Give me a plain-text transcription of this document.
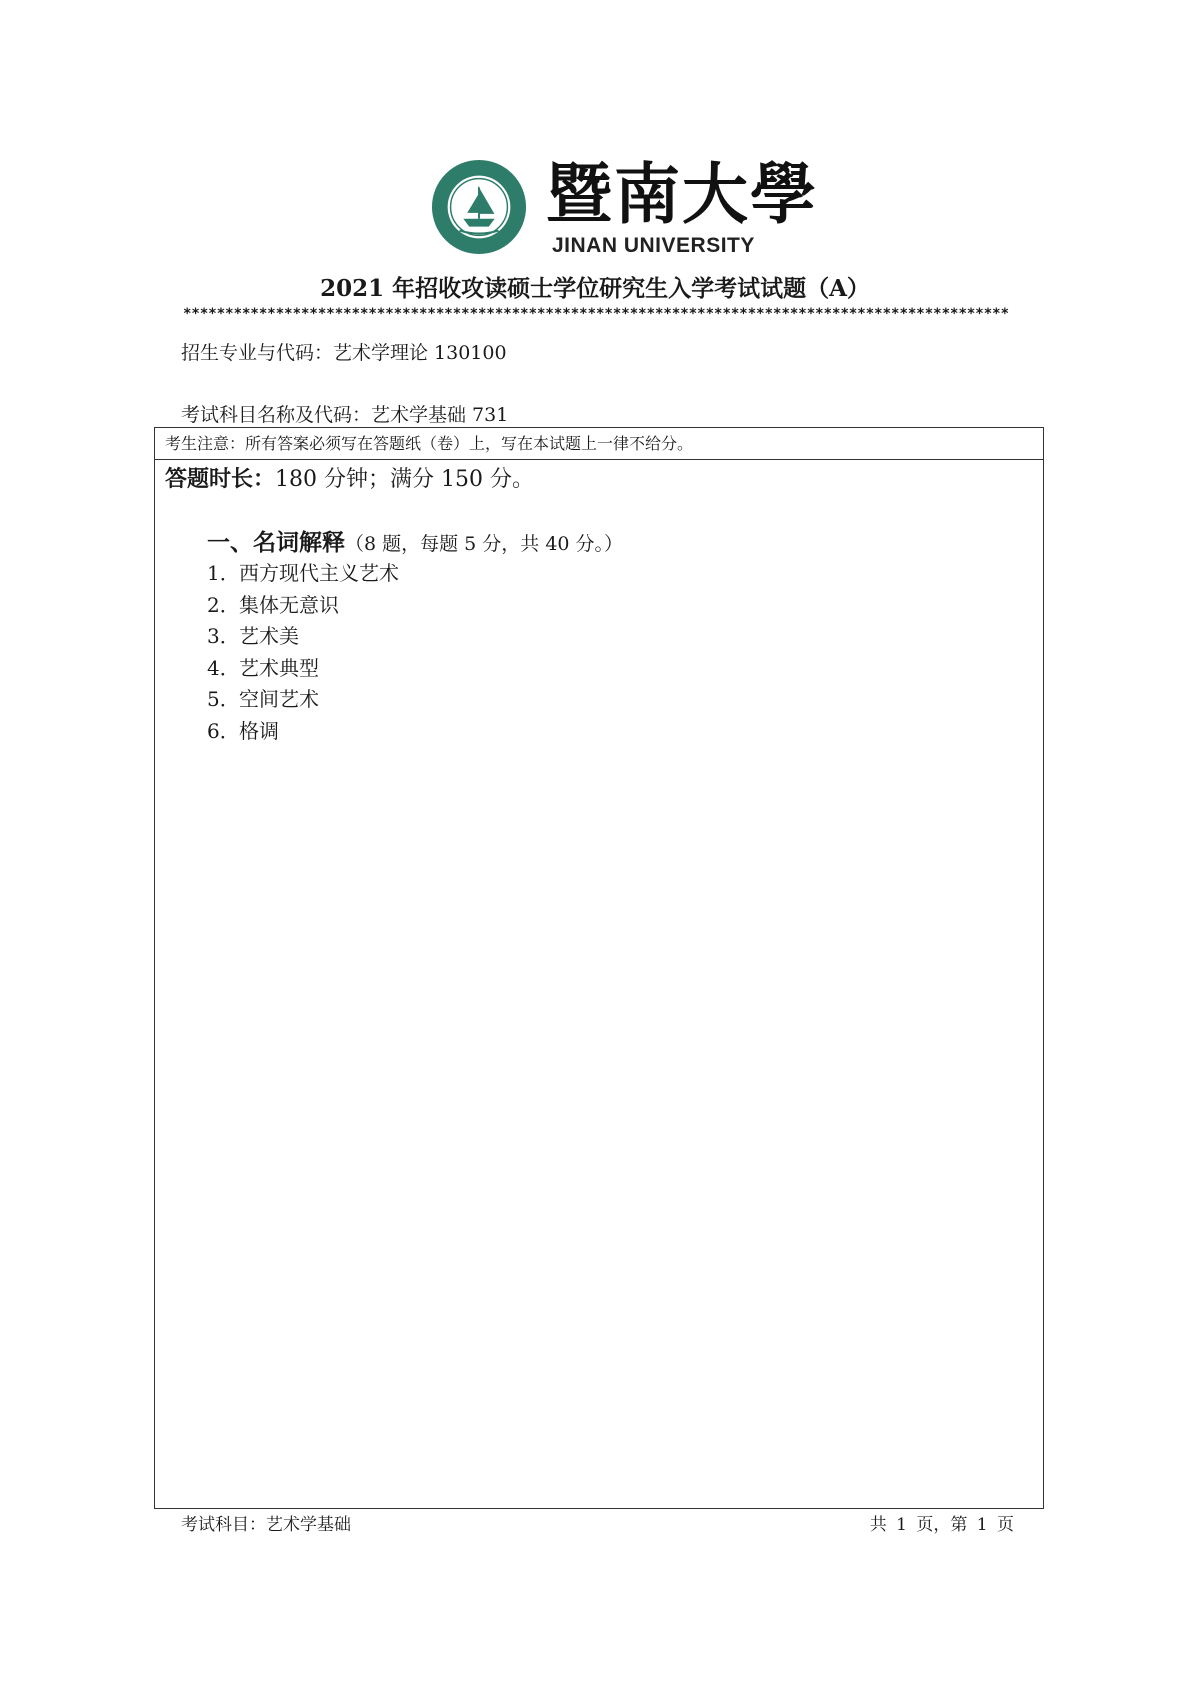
暨南大學
JINAN UNIVERSITY
2021 年招收攻读硕士学位研究生入学考试试题（A）
**************************************************************************************************
招生专业与代码：艺术学理论 130100
考试科目名称及代码：艺术学基础 731
考生注意：所有答案必须写在答题纸（卷）上，写在本试题上一律不给分。
答题时长：180 分钟；满分 150 分。
一、名词解释（8 题，每题 5 分，共 40 分。）
1．西方现代主义艺术
2．集体无意识
3．艺术美
4．艺术典型
5．空间艺术
6．格调
考试科目：艺术学基础	共 1 页，第 1 页
